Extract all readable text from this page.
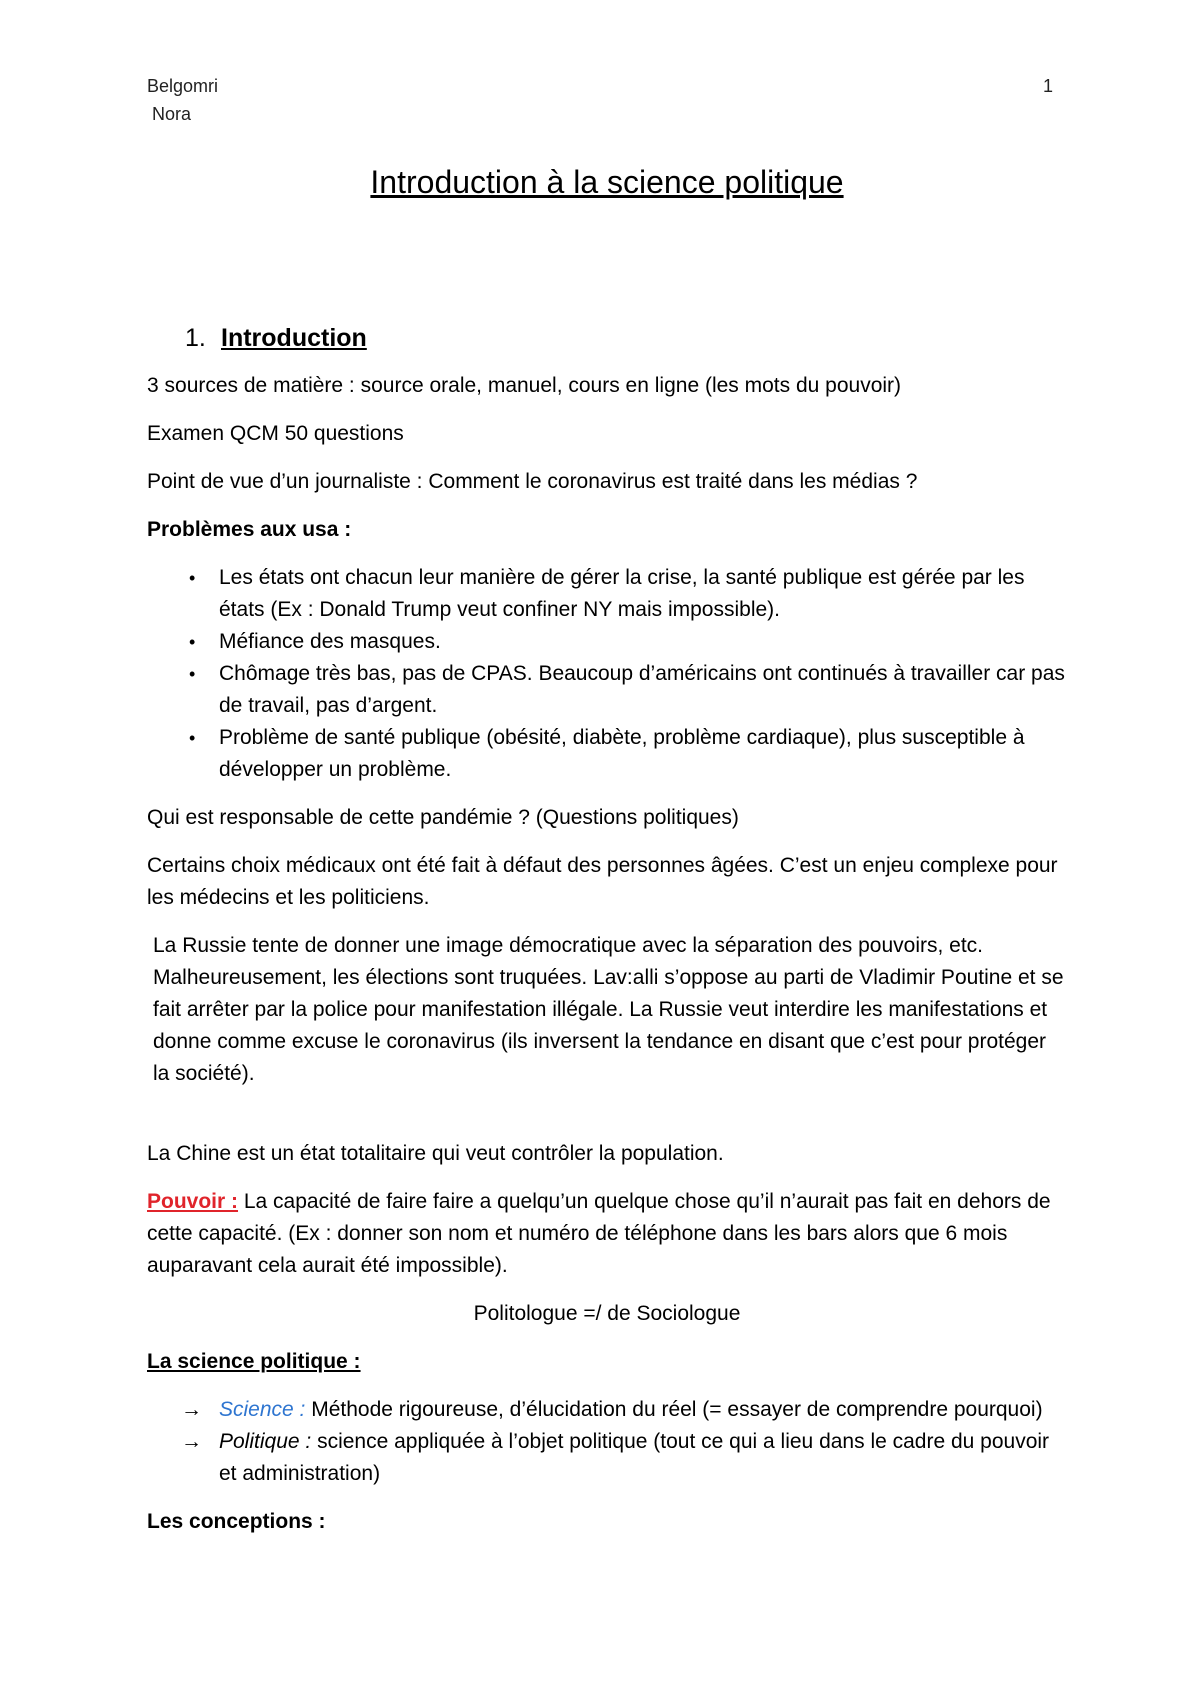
Belgomri
Nora
1
Introduction à la science politique
1. Introduction

3 sources de matière : source orale, manuel, cours en ligne (les mots du pouvoir)

Examen QCM 50 questions

Point de vue d’un journaliste : Comment le coronavirus est traité dans les médias ?

Problèmes aux usa :

• Les états ont chacun leur manière de gérer la crise, la santé publique est gérée par les états (Ex : Donald Trump veut confiner NY mais impossible).
• Méfiance des masques.
• Chômage très bas, pas de CPAS. Beaucoup d’américains ont continués à travailler car pas de travail, pas d’argent.
• Problème de santé publique (obésité, diabète, problème cardiaque), plus susceptible à développer un problème.

Qui est responsable de cette pandémie ? (Questions politiques)

Certains choix médicaux ont été fait à défaut des personnes âgées. C’est un enjeu complexe pour les médecins et les politiciens.

La Russie tente de donner une image démocratique avec la séparation des pouvoirs, etc. Malheureusement, les élections sont truquées. Lav:alli s’oppose au parti de Vladimir Poutine et se fait arrêter par la police pour manifestation illégale. La Russie veut interdire les manifestations et donne comme excuse le coronavirus (ils inversent la tendance en disant que c’est pour protéger la société).

La Chine est un état totalitaire qui veut contrôler la population.

Pouvoir : La capacité de faire faire a quelqu’un quelque chose qu’il n’aurait pas fait en dehors de cette capacité. (Ex : donner son nom et numéro de téléphone dans les bars alors que 6 mois auparavant cela aurait été impossible).

Politologue =/ de Sociologue

La science politique :

→ Science : Méthode rigoureuse, d’élucidation du réel (= essayer de comprendre pourquoi)
→ Politique : science appliquée à l’objet politique (tout ce qui a lieu dans le cadre du pouvoir et administration)

Les conceptions :
